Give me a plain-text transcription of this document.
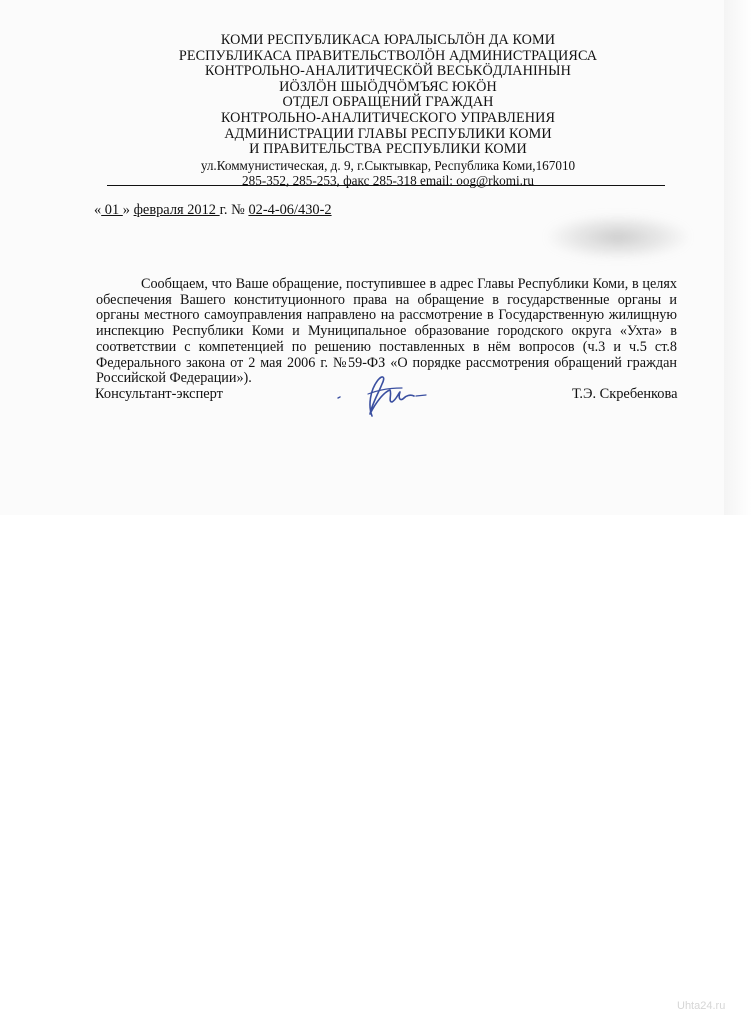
КОМИ РЕСПУБЛИКАСА ЮРАЛЫСЬЛÖН ДА КОМИ
РЕСПУБЛИКАСА ПРАВИТЕЛЬСТВОЛÖН АДМИНИСТРАЦИЯСА
КОНТРОЛЬНО-АНАЛИТИЧЕСКÖЙ ВЕСЬКÖДЛАНІНЫН
ИÖЗЛÖН ШЫÖДЧÖМЪЯС ЮКÖН
ОТДЕЛ ОБРАЩЕНИЙ ГРАЖДАН
КОНТРОЛЬНО-АНАЛИТИЧЕСКОГО УПРАВЛЕНИЯ
АДМИНИСТРАЦИИ ГЛАВЫ РЕСПУБЛИКИ КОМИ
И ПРАВИТЕЛЬСТВА РЕСПУБЛИКИ КОМИ
ул.Коммунистическая, д. 9, г.Сыктывкар, Республика Коми,167010
285-352, 285-253, факс 285-318 email: oog@rkomi.ru
« 01 » февраля 2012 г. № 02-4-06/430-2
Сообщаем, что Ваше обращение, поступившее в адрес Главы Республики Коми, в целях обеспечения Вашего конституционного права на обращение в государственные органы и органы местного самоуправления направлено на рассмотрение в Государственную жилищную инспекцию Республики Коми и Муниципальное образование городского округа «Ухта» в соответствии с компетенцией по решению поставленных в нём вопросов (ч.3 и ч.5 ст.8 Федерального закона от 2 мая 2006 г. №59-ФЗ «О порядке рассмотрения обращений граждан Российской Федерации»).
Консультант-эксперт	Т.Э. Скребенкова
Uhta24.ru
